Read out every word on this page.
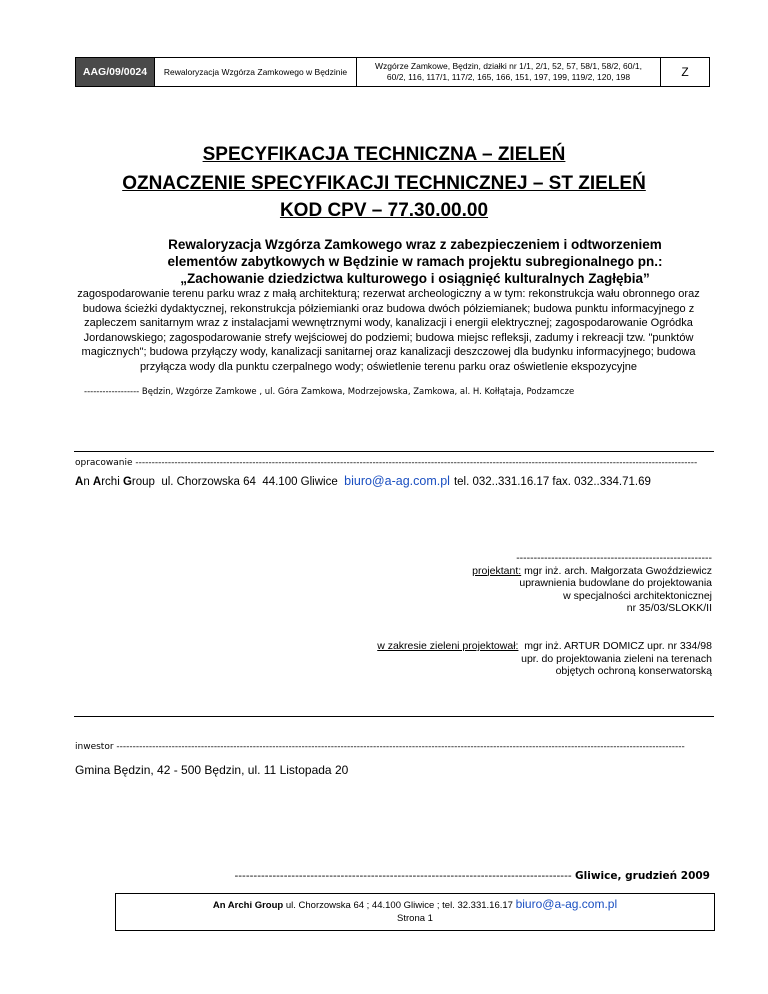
AAG/09/0024	Rewaloryzacja Wzgórza Zamkowego w Będzinie	
Wzgórze Zamkowe, Będzin, działki nr 1/1, 2/1, 52, 57, 58/1, 58/2, 60/1,
60/2, 116, 117/1, 117/2, 165, 166, 151, 197, 199, 119/2, 120, 198	Z
SPECYFIKACJA TECHNICZNA – ZIELEŃ
OZNACZENIE SPECYFIKACJI TECHNICZNEJ – ST ZIELEŃ
KOD CPV – 77.30.00.00
Rewaloryzacja Wzgórza Zamkowego wraz z zabezpieczeniem i odtworzeniem
elementów zabytkowych w Będzinie w ramach projektu subregionalnego pn.:
„Zachowanie dziedzictwa kulturowego i osiągnięć kulturalnych Zagłębia”
zagospodarowanie terenu parku wraz z małą architekturą; rezerwat archeologiczny a w tym: rekonstrukcja wału obronnego oraz budowa ścieżki dydaktycznej, rekonstrukcja półziemianki oraz budowa dwóch półziemianek; budowa punktu informacyjnego z zapleczem sanitarnym wraz z instalacjami wewnętrznymi wody, kanalizacji i energii elektrycznej; zagospodarowanie Ogródka Jordanowskiego; zagospodarowanie strefy wejściowej do podziemi; budowa miejsc refleksji, zadumy i rekreacji tzw. "punktów magicznych"; budowa przyłączy wody, kanalizacji sanitarnej oraz kanalizacji deszczowej dla budynku informacyjnego; budowa przyłącza wody dla punktu czerpalnego wody; oświetlenie terenu parku oraz oświetlenie ekspozycyjne
------------------ Będzin, Wzgórze Zamkowe , ul. Góra Zamkowa, Modrzejowska, Zamkowa, al. H. Kołłątaja, Podzamcze
opracowanie -----------------------------------------------------------------------------------------------------------------------------------------------------------------------------
An Archi Group  ul. Chorzowska 64  44.100 Gliwice  biuro@a-ag.com.pl tel. 032..331.16.17 fax. 032..334.71.69
--------------------------------------------------------
projektant: mgr inż. arch. Małgorzata Gwoździewicz
uprawnienia budowlane do projektowania
w specjalności architektonicznej
nr 35/03/SLOKK/II
w zakresie zieleni projektował:  mgr inż. ARTUR DOMICZ upr. nr 334/98
upr. do projektowania zieleni na terenach
objętych ochroną konserwatorską
inwestor -------------------------------------------------------------------------------------------------------------------------------------------------------------------------------
Gmina Będzin, 42 - 500 Będzin, ul. 11 Listopada 20
----------------------------------------------------------------------------------------- Gliwice, grudzień 2009
An Archi Group ul. Chorzowska 64 ; 44.100 Gliwice ; tel. 32.331.16.17 biuro@a-ag.com.pl
Strona 1
